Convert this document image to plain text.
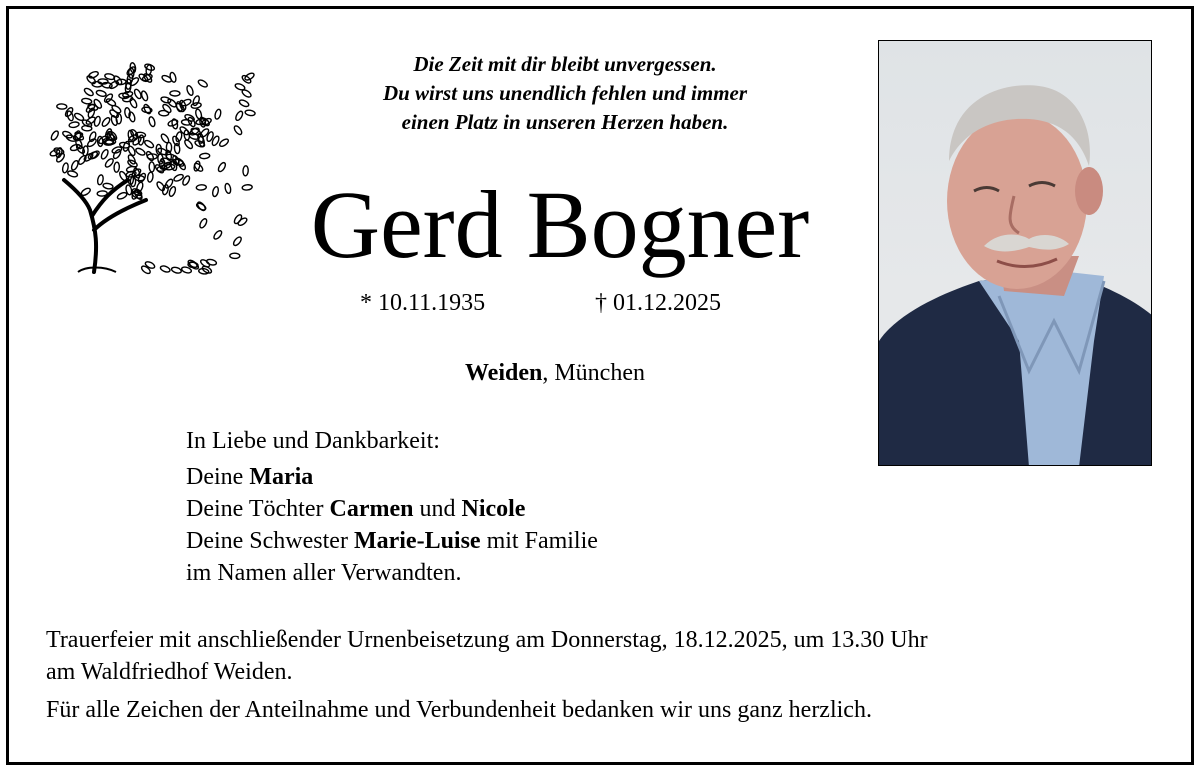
Die Zeit mit dir bleibt unvergessen.
Du wirst uns unendlich fehlen und immer
einen Platz in unseren Herzen haben.
Gerd Bogner
* 10.11.1935	† 01.12.2025
Weiden, München
In Liebe und Dankbarkeit:
Deine Maria
Deine Töchter Carmen und Nicole
Deine Schwester Marie-Luise mit Familie
im Namen aller Verwandten.
Trauerfeier mit anschließender Urnenbeisetzung am Donnerstag, 18.12.2025, um 13.30 Uhr
am Waldfriedhof Weiden.
Für alle Zeichen der Anteilnahme und Verbundenheit bedanken wir uns ganz herzlich.
